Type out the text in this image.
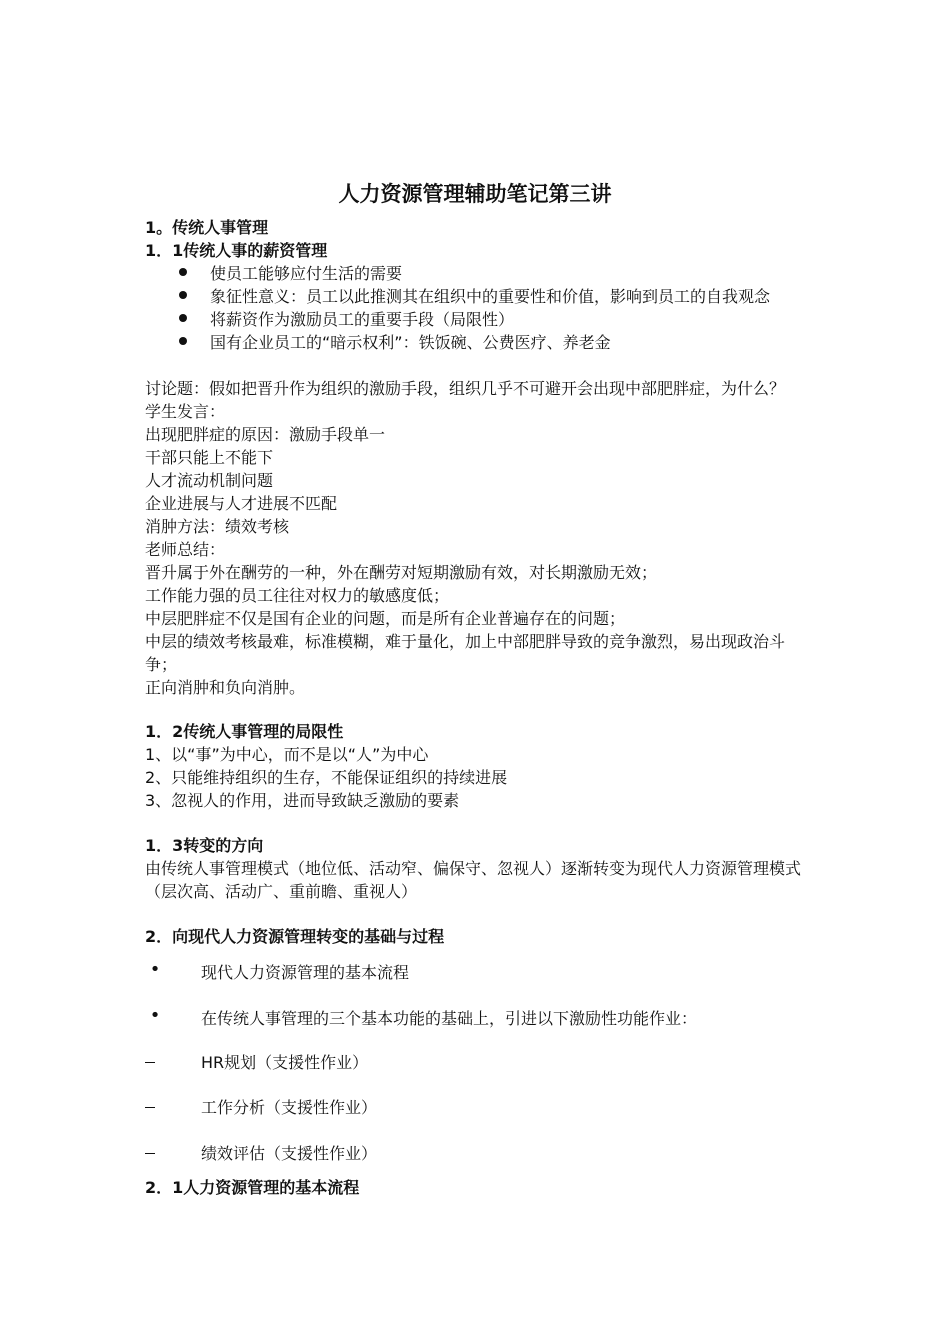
人力资源管理辅助笔记第三讲
1。传统人事管理
1．1传统人事的薪资管理
使员工能够应付生活的需要
象征性意义：员工以此推测其在组织中的重要性和价值，影响到员工的自我观念
将薪资作为激励员工的重要手段（局限性）
国有企业员工的“暗示权利”：铁饭碗、公费医疗、养老金
讨论题：假如把晋升作为组织的激励手段，组织几乎不可避开会出现中部肥胖症，为什么？
学生发言：
出现肥胖症的原因：激励手段单一
干部只能上不能下
人才流动机制问题
企业进展与人才进展不匹配
消肿方法：绩效考核
老师总结：
晋升属于外在酬劳的一种，外在酬劳对短期激励有效，对长期激励无效；
工作能力强的员工往往对权力的敏感度低；
中层肥胖症不仅是国有企业的问题，而是所有企业普遍存在的问题；
中层的绩效考核最难，标准模糊，难于量化，加上中部肥胖导致的竞争激烈，易出现政治斗争；
正向消肿和负向消肿。
1．2传统人事管理的局限性
1、以“事”为中心，而不是以“人”为中心
2、只能维持组织的生存，不能保证组织的持续进展
3、忽视人的作用，进而导致缺乏激励的要素
1．3转变的方向
由传统人事管理模式（地位低、活动窄、偏保守、忽视人）逐渐转变为现代人力资源管理模式（层次高、活动广、重前瞻、重视人）
2．向现代人力资源管理转变的基础与过程
•	现代人力资源管理的基本流程
•	在传统人事管理的三个基本功能的基础上，引进以下激励性功能作业：
HR规划（支援性作业）
工作分析（支援性作业）
绩效评估（支援性作业）
2．1人力资源管理的基本流程
